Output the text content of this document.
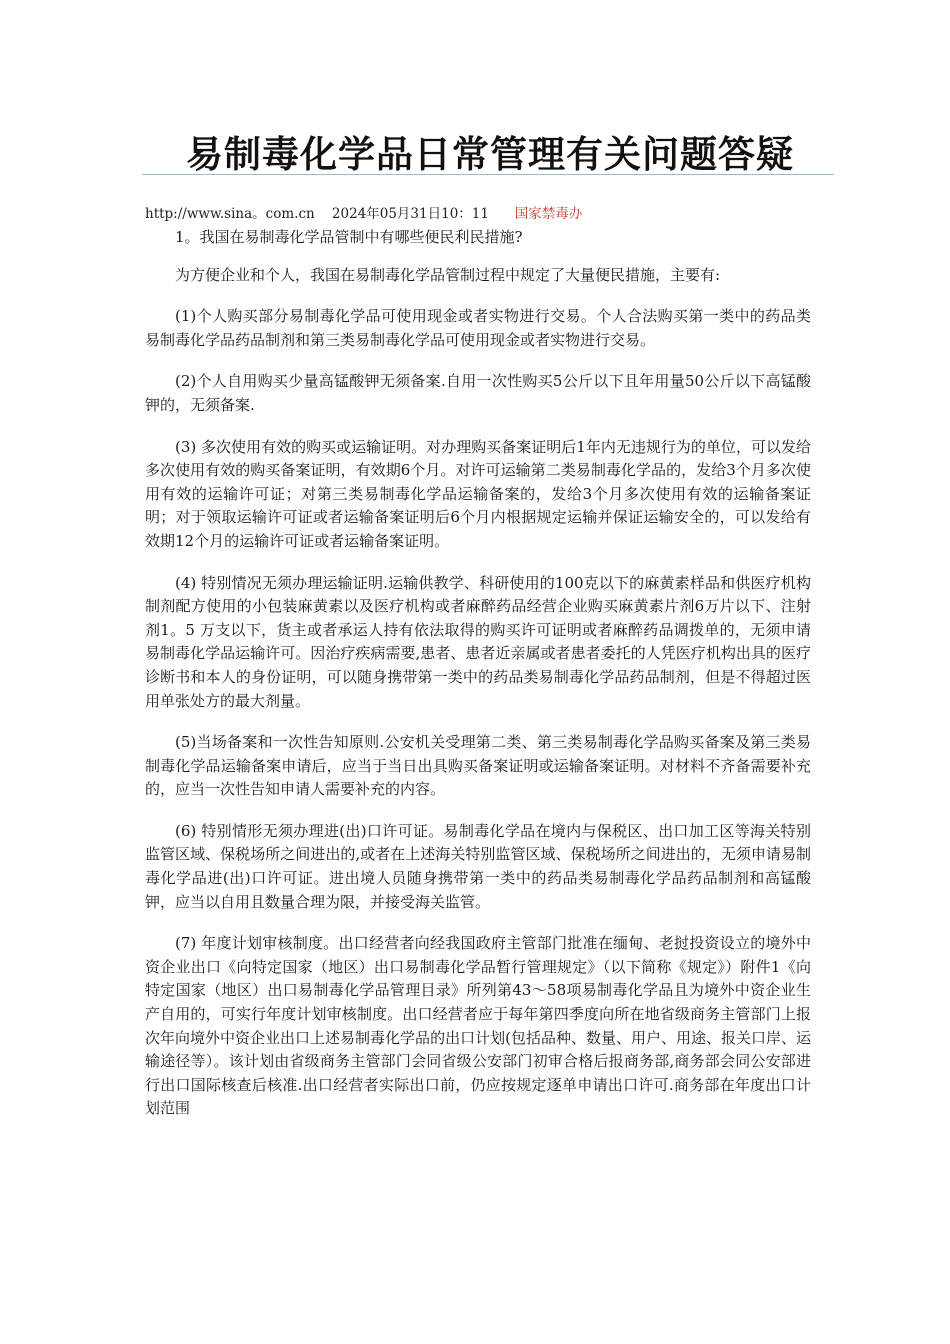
易制毒化学品日常管理有关问题答疑
http://www.sina。com.cn 2024年05月31日10：11 国家禁毒办

1。我国在易制毒化学品管制中有哪些便民利民措施?

为方便企业和个人，我国在易制毒化学品管制过程中规定了大量便民措施，主要有:

(1)个人购买部分易制毒化学品可使用现金或者实物进行交易。个人合法购买第一类中的药品类易制毒化学品药品制剂和第三类易制毒化学品可使用现金或者实物进行交易。

(2)个人自用购买少量高锰酸钾无须备案.自用一次性购买5公斤以下且年用量50公斤以下高锰酸钾的，无须备案.

(3) 多次使用有效的购买或运输证明。对办理购买备案证明后1年内无违规行为的单位，可以发给多次使用有效的购买备案证明，有效期6个月。对许可运输第二类易制毒化学品的，发给3个月多次使用有效的运输许可证；对第三类易制毒化学品运输备案的，发给3个月多次使用有效的运输备案证明；对于领取运输许可证或者运输备案证明后6个月内根据规定运输并保证运输安全的，可以发给有效期12个月的运输许可证或者运输备案证明。

(4) 特别情况无须办理运输证明.运输供教学、科研使用的100克以下的麻黄素样品和供医疗机构制剂配方使用的小包装麻黄素以及医疗机构或者麻醉药品经营企业购买麻黄素片剂6万片以下、注射剂1。5 万支以下，货主或者承运人持有依法取得的购买许可证明或者麻醉药品调拨单的，无须申请易制毒化学品运输许可。因治疗疾病需要,患者、患者近亲属或者患者委托的人凭医疗机构出具的医疗诊断书和本人的身份证明，可以随身携带第一类中的药品类易制毒化学品药品制剂，但是不得超过医用单张处方的最大剂量。

(5)当场备案和一次性告知原则.公安机关受理第二类、第三类易制毒化学品购买备案及第三类易制毒化学品运输备案申请后，应当于当日出具购买备案证明或运输备案证明。对材料不齐备需要补充的，应当一次性告知申请人需要补充的内容。

(6) 特别情形无须办理进(出)口许可证。易制毒化学品在境内与保税区、出口加工区等海关特别监管区域、保税场所之间进出的,或者在上述海关特别监管区域、保税场所之间进出的，无须申请易制毒化学品进(出)口许可证。进出境人员随身携带第一类中的药品类易制毒化学品药品制剂和高锰酸钾，应当以自用且数量合理为限，并接受海关监管。

(7) 年度计划审核制度。出口经营者向经我国政府主管部门批准在缅甸、老挝投资设立的境外中资企业出口《向特定国家（地区）出口易制毒化学品暂行管理规定》（以下简称《规定》）附件1《向特定国家（地区）出口易制毒化学品管理目录》所列第43～58项易制毒化学品且为境外中资企业生产自用的，可实行年度计划审核制度。出口经营者应于每年第四季度向所在地省级商务主管部门上报次年向境外中资企业出口上述易制毒化学品的出口计划(包括品种、数量、用户、用途、报关口岸、运输途径等）。该计划由省级商务主管部门会同省级公安部门初审合格后报商务部,商务部会同公安部进行出口国际核查后核准.出口经营者实际出口前，仍应按规定逐单申请出口许可.商务部在年度出口计划范围
